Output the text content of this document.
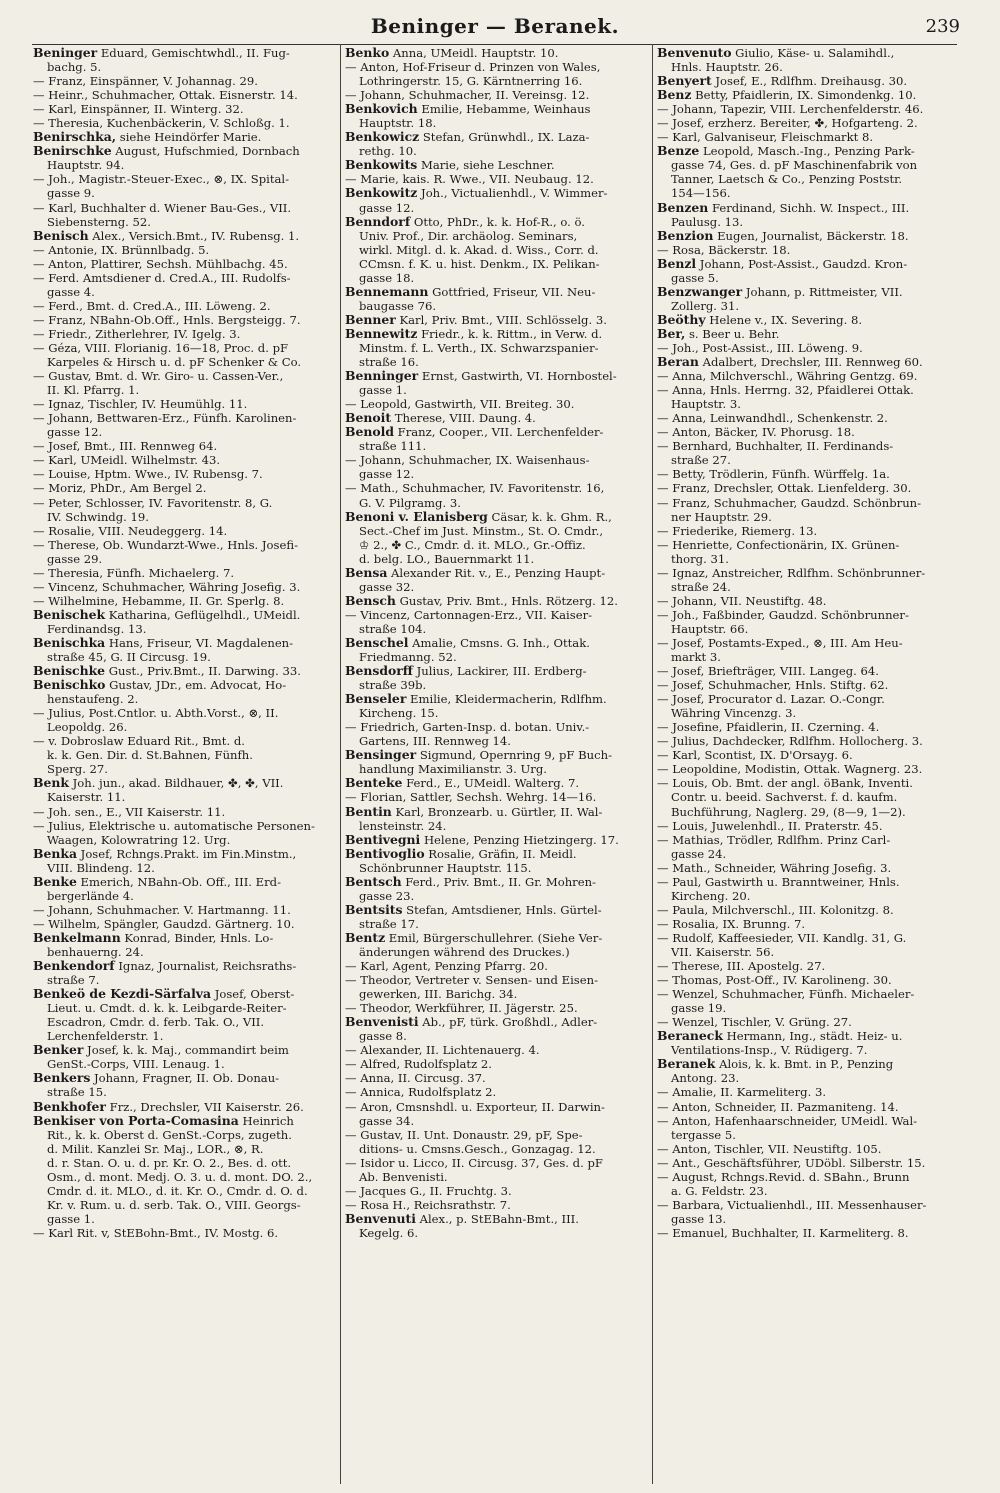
Beninger — Beranek.	239
Beninger Eduard, Gemischtwhdl., II. Fug-
bachg. 5.
— Franz, Einspänner, V. Johannag. 29.
— Heinr., Schuhmacher, Ottak. Eisnerstr. 14.
— Karl, Einspänner, II. Winterg. 32.
— Theresia, Kuchenbäckerin, V. Schloßg. 1.
Benirschka, siehe Heindörfer Marie.
Benirschke August, Hufschmied, Dornbach
Hauptstr. 94.
— Joh., Magistr.-Steuer-Exec., ⊗, IX. Spital-
gasse 9.
— Karl, Buchhalter d. Wiener Bau-Ges., VII.
Siebensterng. 52.
Benisch Alex., Versich.Bmt., IV. Rubensg. 1.
— Antonie, IX. Brünnlbadg. 5.
— Anton, Plattirer, Sechsh. Mühlbachg. 45.
— Ferd. Amtsdiener d. Cred.A., III. Rudolfs-
gasse 4.
— Ferd., Bmt. d. Cred.A., III. Löweng. 2.
— Franz, NBahn-Ob.Off., Hnls. Bergsteigg. 7.
— Friedr., Zitherlehrer, IV. Igelg. 3.
— Géza, VIII. Florianig. 16—18, Proc. d. pF
Karpeles & Hirsch u. d. pF Schenker & Co.
— Gustav, Bmt. d. Wr. Giro- u. Cassen-Ver.,
II. Kl. Pfarrg. 1.
— Ignaz, Tischler, IV. Heumühlg. 11.
— Johann, Bettwaren-Erz., Fünfh. Karolinen-
gasse 12.
— Josef, Bmt., III. Rennweg 64.
— Karl, UMeidl. Wilhelmstr. 43.
— Louise, Hptm. Wwe., IV. Rubensg. 7.
— Moriz, PhDr., Am Bergel 2.
— Peter, Schlosser, IV. Favoritenstr. 8, G.
IV. Schwindg. 19.
— Rosalie, VIII. Neudeggerg. 14.
— Therese, Ob. Wundarzt-Wwe., Hnls. Josefi-
gasse 29.
— Theresia, Fünfh. Michaelerg. 7.
— Vincenz, Schuhmacher, Währing Josefig. 3.
— Wilhelmine, Hebamme, II. Gr. Sperlg. 8.
Benischek Katharina, Geflügelhdl., UMeidl.
Ferdinandsg. 13.
Benischka Hans, Friseur, VI. Magdalenen-
straße 45, G. II Circusg. 19.
Benischke Gust., Priv.Bmt., II. Darwing. 33.
Benischko Gustav, JDr., em. Advocat, Ho-
henstaufeng. 2.
— Julius, Post.Cntlor. u. Abth.Vorst., ⊗, II.
Leopoldg. 26.
— v. Dobroslaw Eduard Rit., Bmt. d.
k. k. Gen. Dir. d. St.Bahnen, Fünfh.
Sperg. 27.
Benk Joh. jun., akad. Bildhauer, ✤, ✤, VII.
Kaiserstr. 11.
— Joh. sen., E., VII Kaiserstr. 11.
— Julius, Elektrische u. automatische Personen-
Waagen, Kolowratring 12. Urg.
Benka Josef, Rchngs.Prakt. im Fin.Minstm.,
VIII. Blindeng. 12.
Benke Emerich, NBahn-Ob. Off., III. Erd-
bergerlände 4.
— Johann, Schuhmacher. V. Hartmanng. 11.
— Wilhelm, Spängler, Gaudzd. Gärtnerg. 10.
Benkelmann Konrad, Binder, Hnls. Lo-
benhauerng. 24.
Benkendorf Ignaz, Journalist, Reichsraths-
straße 7.
Benkeö de Kezdi-Särfalva Josef, Oberst-
Lieut. u. Cmdt. d. k. k. Leibgarde-Reiter-
Escadron, Cmdr. d. ferb. Tak. O., VII.
Lerchenfelderstr. 1.
Benker Josef, k. k. Maj., commandirt beim
GenSt.-Corps, VIII. Lenaug. 1.
Benkers Johann, Fragner, II. Ob. Donau-
straße 15.
Benkhofer Frz., Drechsler, VII Kaiserstr. 26.
Benkiser von Porta-Comasina Heinrich
Rit., k. k. Oberst d. GenSt.-Corps, zugeth.
d. Milit. Kanzlei Sr. Maj., LOR., ⊗, R.
d. r. Stan. O. u. d. pr. Kr. O. 2., Bes. d. ott.
Osm., d. mont. Medj. O. 3. u. d. mont. DO. 2.,
Cmdr. d. it. MLO., d. it. Kr. O., Cmdr. d. O. d.
Kr. v. Rum. u. d. serb. Tak. O., VIII. Georgs-
gasse 1.
— Karl Rit. v, StEBohn-Bmt., IV. Mostg. 6.
Benko Anna, UMeidl. Hauptstr. 10.
— Anton, Hof-Friseur d. Prinzen von Wales,
Lothringerstr. 15, G. Kärntnerring 16.
— Johann, Schuhmacher, II. Vereinsg. 12.
Benkovich Emilie, Hebamme, Weinhaus
Hauptstr. 18.
Benkowicz Stefan, Grünwhdl., IX. Laza-
rethg. 10.
Benkowits Marie, siehe Leschner.
— Marie, kais. R. Wwe., VII. Neubaug. 12.
Benkowitz Joh., Victualienhdl., V. Wimmer-
gasse 12.
Benndorf Otto, PhDr., k. k. Hof-R., o. ö.
Univ. Prof., Dir. archäolog. Seminars,
wirkl. Mitgl. d. k. Akad. d. Wiss., Corr. d.
CCmsn. f. K. u. hist. Denkm., IX. Pelikan-
gasse 18.
Bennemann Gottfried, Friseur, VII. Neu-
baugasse 76.
Benner Karl, Priv. Bmt., VIII. Schlösselg. 3.
Bennewitz Friedr., k. k. Rittm., in Verw. d.
Minstm. f. L. Verth., IX. Schwarzspanier-
straße 16.
Benninger Ernst, Gastwirth, VI. Hornbostel-
gasse 1.
— Leopold, Gastwirth, VII. Breiteg. 30.
Benoit Therese, VIII. Daung. 4.
Benold Franz, Cooper., VII. Lerchenfelder-
straße 111.
— Johann, Schuhmacher, IX. Waisenhaus-
gasse 12.
— Math., Schuhmacher, IV. Favoritenstr. 16,
G. V. Pilgramg. 3.
Benoni v. Elanisberg Cäsar, k. k. Ghm. R.,
Sect.-Chef im Just. Minstm., St. O. Cmdr.,
♔ 2., ✤ C., Cmdr. d. it. MLO., Gr.-Offiz.
d. belg. LO., Bauernmarkt 11.
Bensa Alexander Rit. v., E., Penzing Haupt-
gasse 32.
Bensch Gustav, Priv. Bmt., Hnls. Rötzerg. 12.
— Vincenz, Cartonnagen-Erz., VII. Kaiser-
straße 104.
Benschel Amalie, Cmsns. G. Inh., Ottak.
Friedmanng. 52.
Bensdorff Julius, Lackirer, III. Erdberg-
straße 39b.
Benseler Emilie, Kleidermacherin, Rdlfhm.
Kircheng. 15.
— Friedrich, Garten-Insp. d. botan. Univ.-
Gartens, III. Rennweg 14.
Bensinger Sigmund, Opernring 9, pF Buch-
handlung Maximilianstr. 3. Urg.
Benteke Ferd., E., UMeidl. Walterg. 7.
— Florian, Sattler, Sechsh. Wehrg. 14—16.
Bentin Karl, Bronzearb. u. Gürtler, II. Wal-
lensteinstr. 24.
Bentivegni Helene, Penzing Hietzingerg. 17.
Bentivoglio Rosalie, Gräfin, II. Meidl.
Schönbrunner Hauptstr. 115.
Bentsch Ferd., Priv. Bmt., II. Gr. Mohren-
gasse 23.
Bentsits Stefan, Amtsdiener, Hnls. Gürtel-
straße 17.
Bentz Emil, Bürgerschullehrer. (Siehe Ver-
änderungen während des Druckes.)
— Karl, Agent, Penzing Pfarrg. 20.
— Theodor, Vertreter v. Sensen- und Eisen-
gewerken, III. Barichg. 34.
— Theodor, Werkführer, II. Jägerstr. 25.
Benvenisti Ab., pF, türk. Großhdl., Adler-
gasse 8.
— Alexander, II. Lichtenauerg. 4.
— Alfred, Rudolfsplatz 2.
— Anna, II. Circusg. 37.
— Annica, Rudolfsplatz 2.
— Aron, Cmsnshdl. u. Exporteur, II. Darwin-
gasse 34.
— Gustav, II. Unt. Donaustr. 29, pF, Spe-
ditions- u. Cmsns.Gesch., Gonzagag. 12.
— Isidor u. Licco, II. Circusg. 37, Ges. d. pF
Ab. Benvenisti.
— Jacques G., II. Fruchtg. 3.
— Rosa H., Reichsrathstr. 7.
Benvenuti Alex., p. StEBahn-Bmt., III.
Kegelg. 6.
Benvenuto Giulio, Käse- u. Salamihdl.,
Hnls. Hauptstr. 26.
Benyert Josef, E., Rdlfhm. Dreihausg. 30.
Benz Betty, Pfaidlerin, IX. Simondenkg. 10.
— Johann, Tapezir, VIII. Lerchenfelderstr. 46.
— Josef, erzherz. Bereiter, ✤, Hofgarteng. 2.
— Karl, Galvaniseur, Fleischmarkt 8.
Benze Leopold, Masch.-Ing., Penzing Park-
gasse 74, Ges. d. pF Maschinenfabrik von
Tanner, Laetsch & Co., Penzing Poststr.
154—156.
Benzen Ferdinand, Sichh. W. Inspect., III.
Paulusg. 13.
Benzion Eugen, Journalist, Bäckerstr. 18.
— Rosa, Bäckerstr. 18.
Benzl Johann, Post-Assist., Gaudzd. Kron-
gasse 5.
Benzwanger Johann, p. Rittmeister, VII.
Zollerg. 31.
Beöthy Helene v., IX. Severing. 8.
Ber, s. Beer u. Behr.
— Joh., Post-Assist., III. Löweng. 9.
Beran Adalbert, Drechsler, III. Rennweg 60.
— Anna, Milchverschl., Währing Gentzg. 69.
— Anna, Hnls. Herrng. 32, Pfaidlerei Ottak.
Hauptstr. 3.
— Anna, Leinwandhdl., Schenkenstr. 2.
— Anton, Bäcker, IV. Phorusg. 18.
— Bernhard, Buchhalter, II. Ferdinands-
straße 27.
— Betty, Trödlerin, Fünfh. Würffelg. 1a.
— Franz, Drechsler, Ottak. Lienfelderg. 30.
— Franz, Schuhmacher, Gaudzd. Schönbrun-
ner Hauptstr. 29.
— Friederike, Riemerg. 13.
— Henriette, Confectionärin, IX. Grünen-
thorg. 31.
— Ignaz, Anstreicher, Rdlfhm. Schönbrunner-
straße 24.
— Johann, VII. Neustiftg. 48.
— Joh., Faßbinder, Gaudzd. Schönbrunner-
Hauptstr. 66.
— Josef, Postamts-Exped., ⊗, III. Am Heu-
markt 3.
— Josef, Briefträger, VIII. Langeg. 64.
— Josef, Schuhmacher, Hnls. Stiftg. 62.
— Josef, Procurator d. Lazar. O.-Congr.
Währing Vincenzg. 3.
— Josefine, Pfaidlerin, II. Czerning. 4.
— Julius, Dachdecker, Rdlfhm. Hollocherg. 3.
— Karl, Scontist, IX. D'Orsayg. 6.
— Leopoldine, Modistin, Ottak. Wagnerg. 23.
— Louis, Ob. Bmt. der angl. öBank, Inventi.
Contr. u. beeid. Sachverst. f. d. kaufm.
Buchführung, Naglerg. 29, (8—9, 1—2).
— Louis, Juwelenhdl., II. Praterstr. 45.
— Mathias, Trödler, Rdlfhm. Prinz Carl-
gasse 24.
— Math., Schneider, Währing Josefig. 3.
— Paul, Gastwirth u. Branntweiner, Hnls.
Kircheng. 20.
— Paula, Milchverschl., III. Kolonitzg. 8.
— Rosalia, IX. Brunng. 7.
— Rudolf, Kaffeesieder, VII. Kandlg. 31, G.
VII. Kaiserstr. 56.
— Therese, III. Apostelg. 27.
— Thomas, Post-Off., IV. Karolineng. 30.
— Wenzel, Schuhmacher, Fünfh. Michaeler-
gasse 19.
— Wenzel, Tischler, V. Grüng. 27.
Beraneck Hermann, Ing., städt. Heiz- u.
Ventilations-Insp., V. Rüdigerg. 7.
Beranek Alois, k. k. Bmt. in P., Penzing
Antong. 23.
— Amalie, II. Karmeliterg. 3.
— Anton, Schneider, II. Pazmaniteng. 14.
— Anton, Hafenhaarschneider, UMeidl. Wal-
tergasse 5.
— Anton, Tischler, VII. Neustiftg. 105.
— Ant., Geschäftsführer, UDöbl. Silberstr. 15.
— August, Rchngs.Revid. d. SBahn., Brunn
a. G. Feldstr. 23.
— Barbara, Victualienhdl., III. Messenhauser-
gasse 13.
— Emanuel, Buchhalter, II. Karmeliterg. 8.
